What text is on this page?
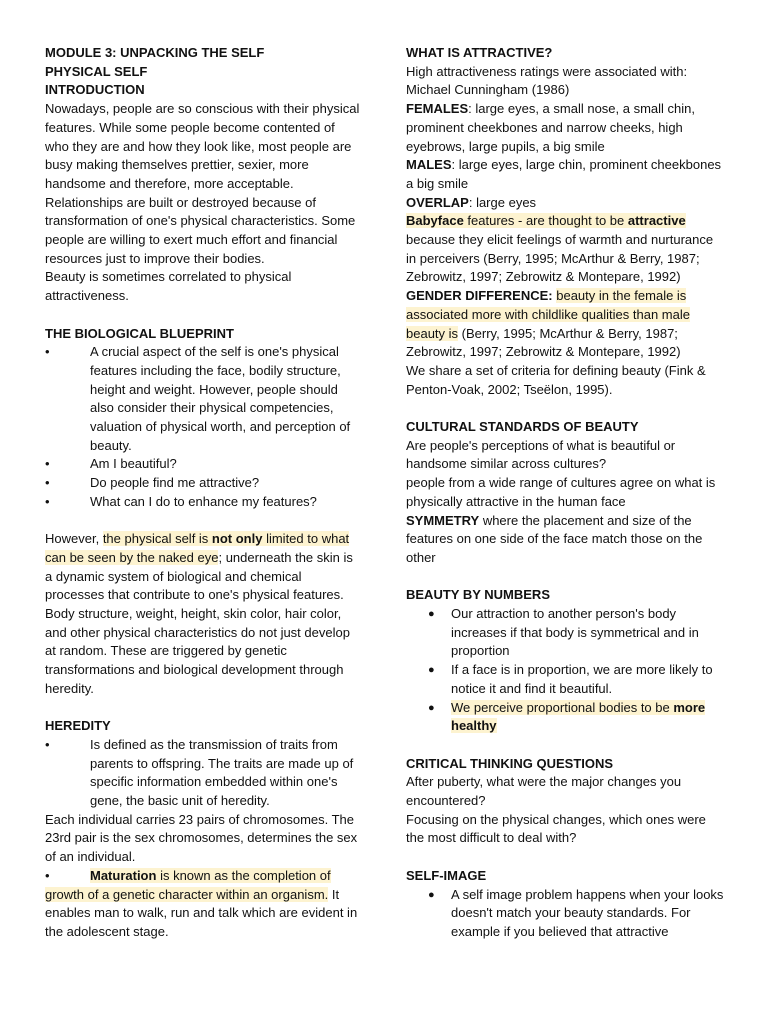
MODULE 3: UNPACKING THE SELF

PHYSICAL SELF

INTRODUCTION

Nowadays, people are so conscious with their physical features. While some people become contented of who they are and how they look like, most people are busy making themselves prettier, sexier, more handsome and therefore, more acceptable.

Relationships are built or destroyed because of transformation of one's physical characteristics. Some people are willing to exert much effort and financial resources just to improve their bodies.

Beauty is sometimes correlated to physical attractiveness.

THE BIOLOGICAL BLUEPRINT

•	A crucial aspect of the self is one's physical features including the face, bodily structure, height and weight. However, people should also consider their physical competencies, valuation of physical worth, and perception of beauty.
•	Am I beautiful?
•	Do people find me attractive?
•	What can I do to enhance my features?

However, the physical self is not only limited to what can be seen by the naked eye; underneath the skin is a dynamic system of biological and chemical processes that contribute to one's physical features. Body structure, weight, height, skin color, hair color, and other physical characteristics do not just develop at random. These are triggered by genetic transformations and biological development through heredity.

HEREDITY

•	Is defined as the transmission of traits from parents to offspring. The traits are made up of specific information embedded within one's gene, the basic unit of heredity.

Each individual carries 23 pairs of chromosomes. The 23rd pair is the sex chromosomes, determines the sex of an individual.

•	Maturation is known as the completion of growth of a genetic character within an organism. It enables man to walk, run and talk which are evident in the adolescent stage.

WHAT IS ATTRACTIVE?

High attractiveness ratings were associated with: Michael Cunningham (1986)

FEMALES: large eyes, a small nose, a small chin, prominent cheekbones and narrow cheeks, high eyebrows, large pupils, a big smile

MALES: large eyes, large chin, prominent cheekbones a big smile

OVERLAP: large eyes

Babyface features - are thought to be attractive because they elicit feelings of warmth and nurturance in perceivers (Berry, 1995; McArthur & Berry, 1987; Zebrowitz, 1997; Zebrowitz & Montepare, 1992)

GENDER DIFFERENCE: beauty in the female is associated more with childlike qualities than male beauty is (Berry, 1995; McArthur & Berry, 1987; Zebrowitz, 1997; Zebrowitz & Montepare, 1992)

We share a set of criteria for defining beauty (Fink & Penton-Voak, 2002; Tseëlon, 1995).

CULTURAL STANDARDS OF BEAUTY

Are people's perceptions of what is beautiful or handsome similar across cultures?

people from a wide range of cultures agree on what is physically attractive in the human face

SYMMETRY where the placement and size of the features on one side of the face match those on the other

BEAUTY BY NUMBERS

● Our attraction to another person's body increases if that body is symmetrical and in proportion
● If a face is in proportion, we are more likely to notice it and find it beautiful.
● We perceive proportional bodies to be more healthy

CRITICAL THINKING QUESTIONS

After puberty, what were the major changes you encountered?

Focusing on the physical changes, which ones were the most difficult to deal with?

SELF-IMAGE

● A self image problem happens when your looks doesn't match your beauty standards. For example if you believed that attractive
